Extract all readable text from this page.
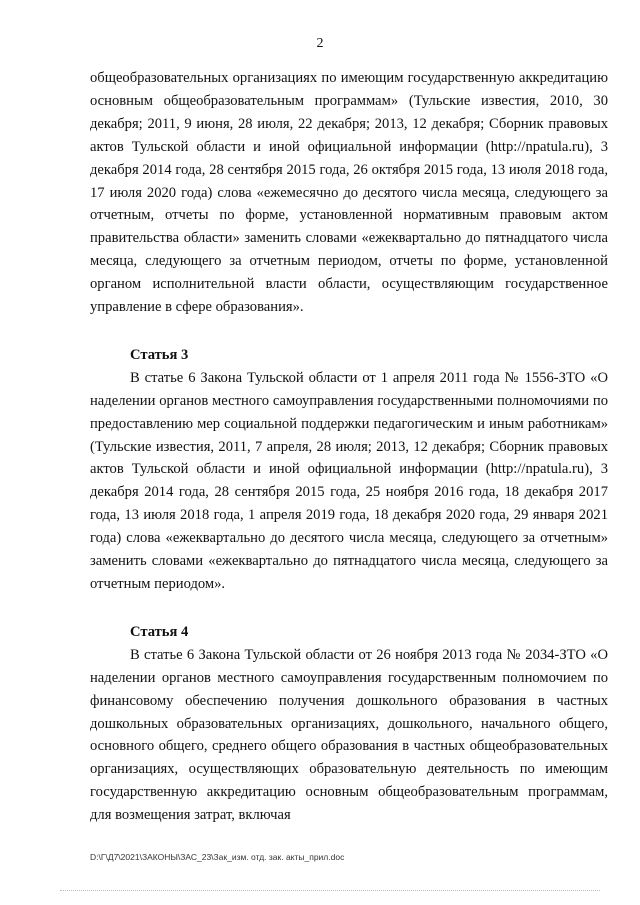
2

общеобразовательных организациях по имеющим государственную аккредитацию основным общеобразовательным программам» (Тульские известия, 2010, 30 декабря; 2011, 9 июня, 28 июля, 22 декабря; 2013, 12 декабря; Сборник правовых актов Тульской области и иной официальной информации (http://npatula.ru), 3 декабря 2014 года, 28 сентября 2015 года, 26 октября 2015 года, 13 июля 2018 года, 17 июля 2020 года) слова «ежемесячно до десятого числа месяца, следующего за отчетным, отчеты по форме, установленной нормативным правовым актом правительства области» заменить словами «ежеквартально до пятнадцатого числа месяца, следующего за отчетным периодом, отчеты по форме, установленной органом исполнительной власти области, осуществляющим государственное управление в сфере образования».

Статья 3

В статье 6 Закона Тульской области от 1 апреля 2011 года № 1556-ЗТО «О наделении органов местного самоуправления государственными полномочиями по предоставлению мер социальной поддержки педагогическим и иным работникам» (Тульские известия, 2011, 7 апреля, 28 июля; 2013, 12 декабря; Сборник правовых актов Тульской области и иной официальной информации (http://npatula.ru), 3 декабря 2014 года, 28 сентября 2015 года, 25 ноября 2016 года, 18 декабря 2017 года, 13 июля 2018 года, 1 апреля 2019 года, 18 декабря 2020 года, 29 января 2021 года) слова «ежеквартально до десятого числа месяца, следующего за отчетным» заменить словами «ежеквартально до пятнадцатого числа месяца, следующего за отчетным периодом».

Статья 4

В статье 6 Закона Тульской области от 26 ноября 2013 года № 2034-ЗТО «О наделении органов местного самоуправления государственным полномочием по финансовому обеспечению получения дошкольного образования в частных дошкольных образовательных организациях, дошкольного, начального общего, основного общего, среднего общего образования в частных общеобразовательных организациях, осуществляющих образовательную деятельность по имеющим государственную аккредитацию основным общеобразовательным программам, для возмещения затрат, включая

D:\Г\Д7\2021\ЗАКОНЫ\ЗАС_23\Зак_изм. отд. зак. акты_прил.doc
